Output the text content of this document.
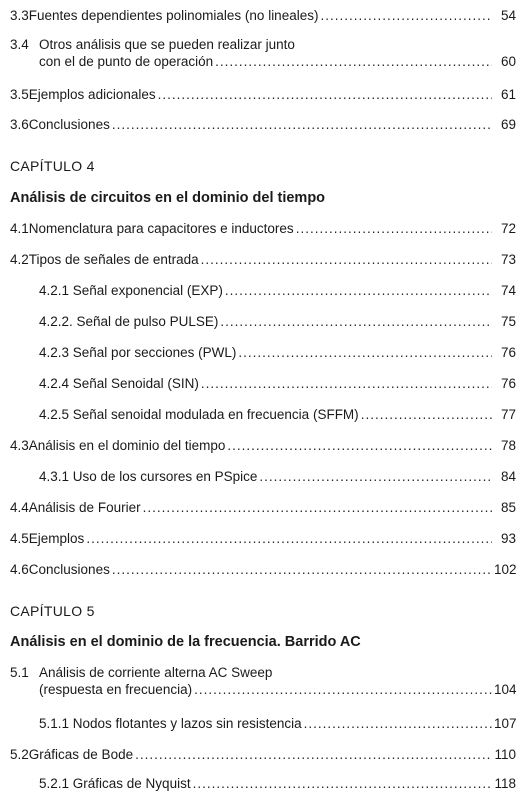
3.3 Fuentes dependientes polinomiales (no lineales) .....	54
3.4 Otros análisis que se pueden realizar junto
con el de punto de operación .....	60
3.5 Ejemplos adicionales .....	61
3.6 Conclusiones .....	69
CAPÍTULO 4
Análisis de circuitos en el dominio del tiempo
4.1 Nomenclatura para capacitores e inductores .....	72
4.2 Tipos de señales de entrada .....	73
4.2.1 Señal exponencial (EXP) .....	74
4.2.2. Señal de pulso PULSE) .....	75
4.2.3 Señal por secciones (PWL) .....	76
4.2.4 Señal Senoidal (SIN) .....	76
4.2.5 Señal senoidal modulada en frecuencia (SFFM) .....	77
4.3 Análisis en el dominio del tiempo .....	78
4.3.1 Uso de los cursores en PSpice .....	84
4.4 Análisis de Fourier .....	85
4.5 Ejemplos .....	93
4.6 Conclusiones .....	102
CAPÍTULO 5
Análisis en el dominio de la frecuencia. Barrido AC
5.1 Análisis de corriente alterna AC Sweep
(respuesta en frecuencia) .....	104
5.1.1 Nodos flotantes y lazos sin resistencia .....	107
5.2 Gráficas de Bode .....	110
5.2.1 Gráficas de Nyquist .....	118
